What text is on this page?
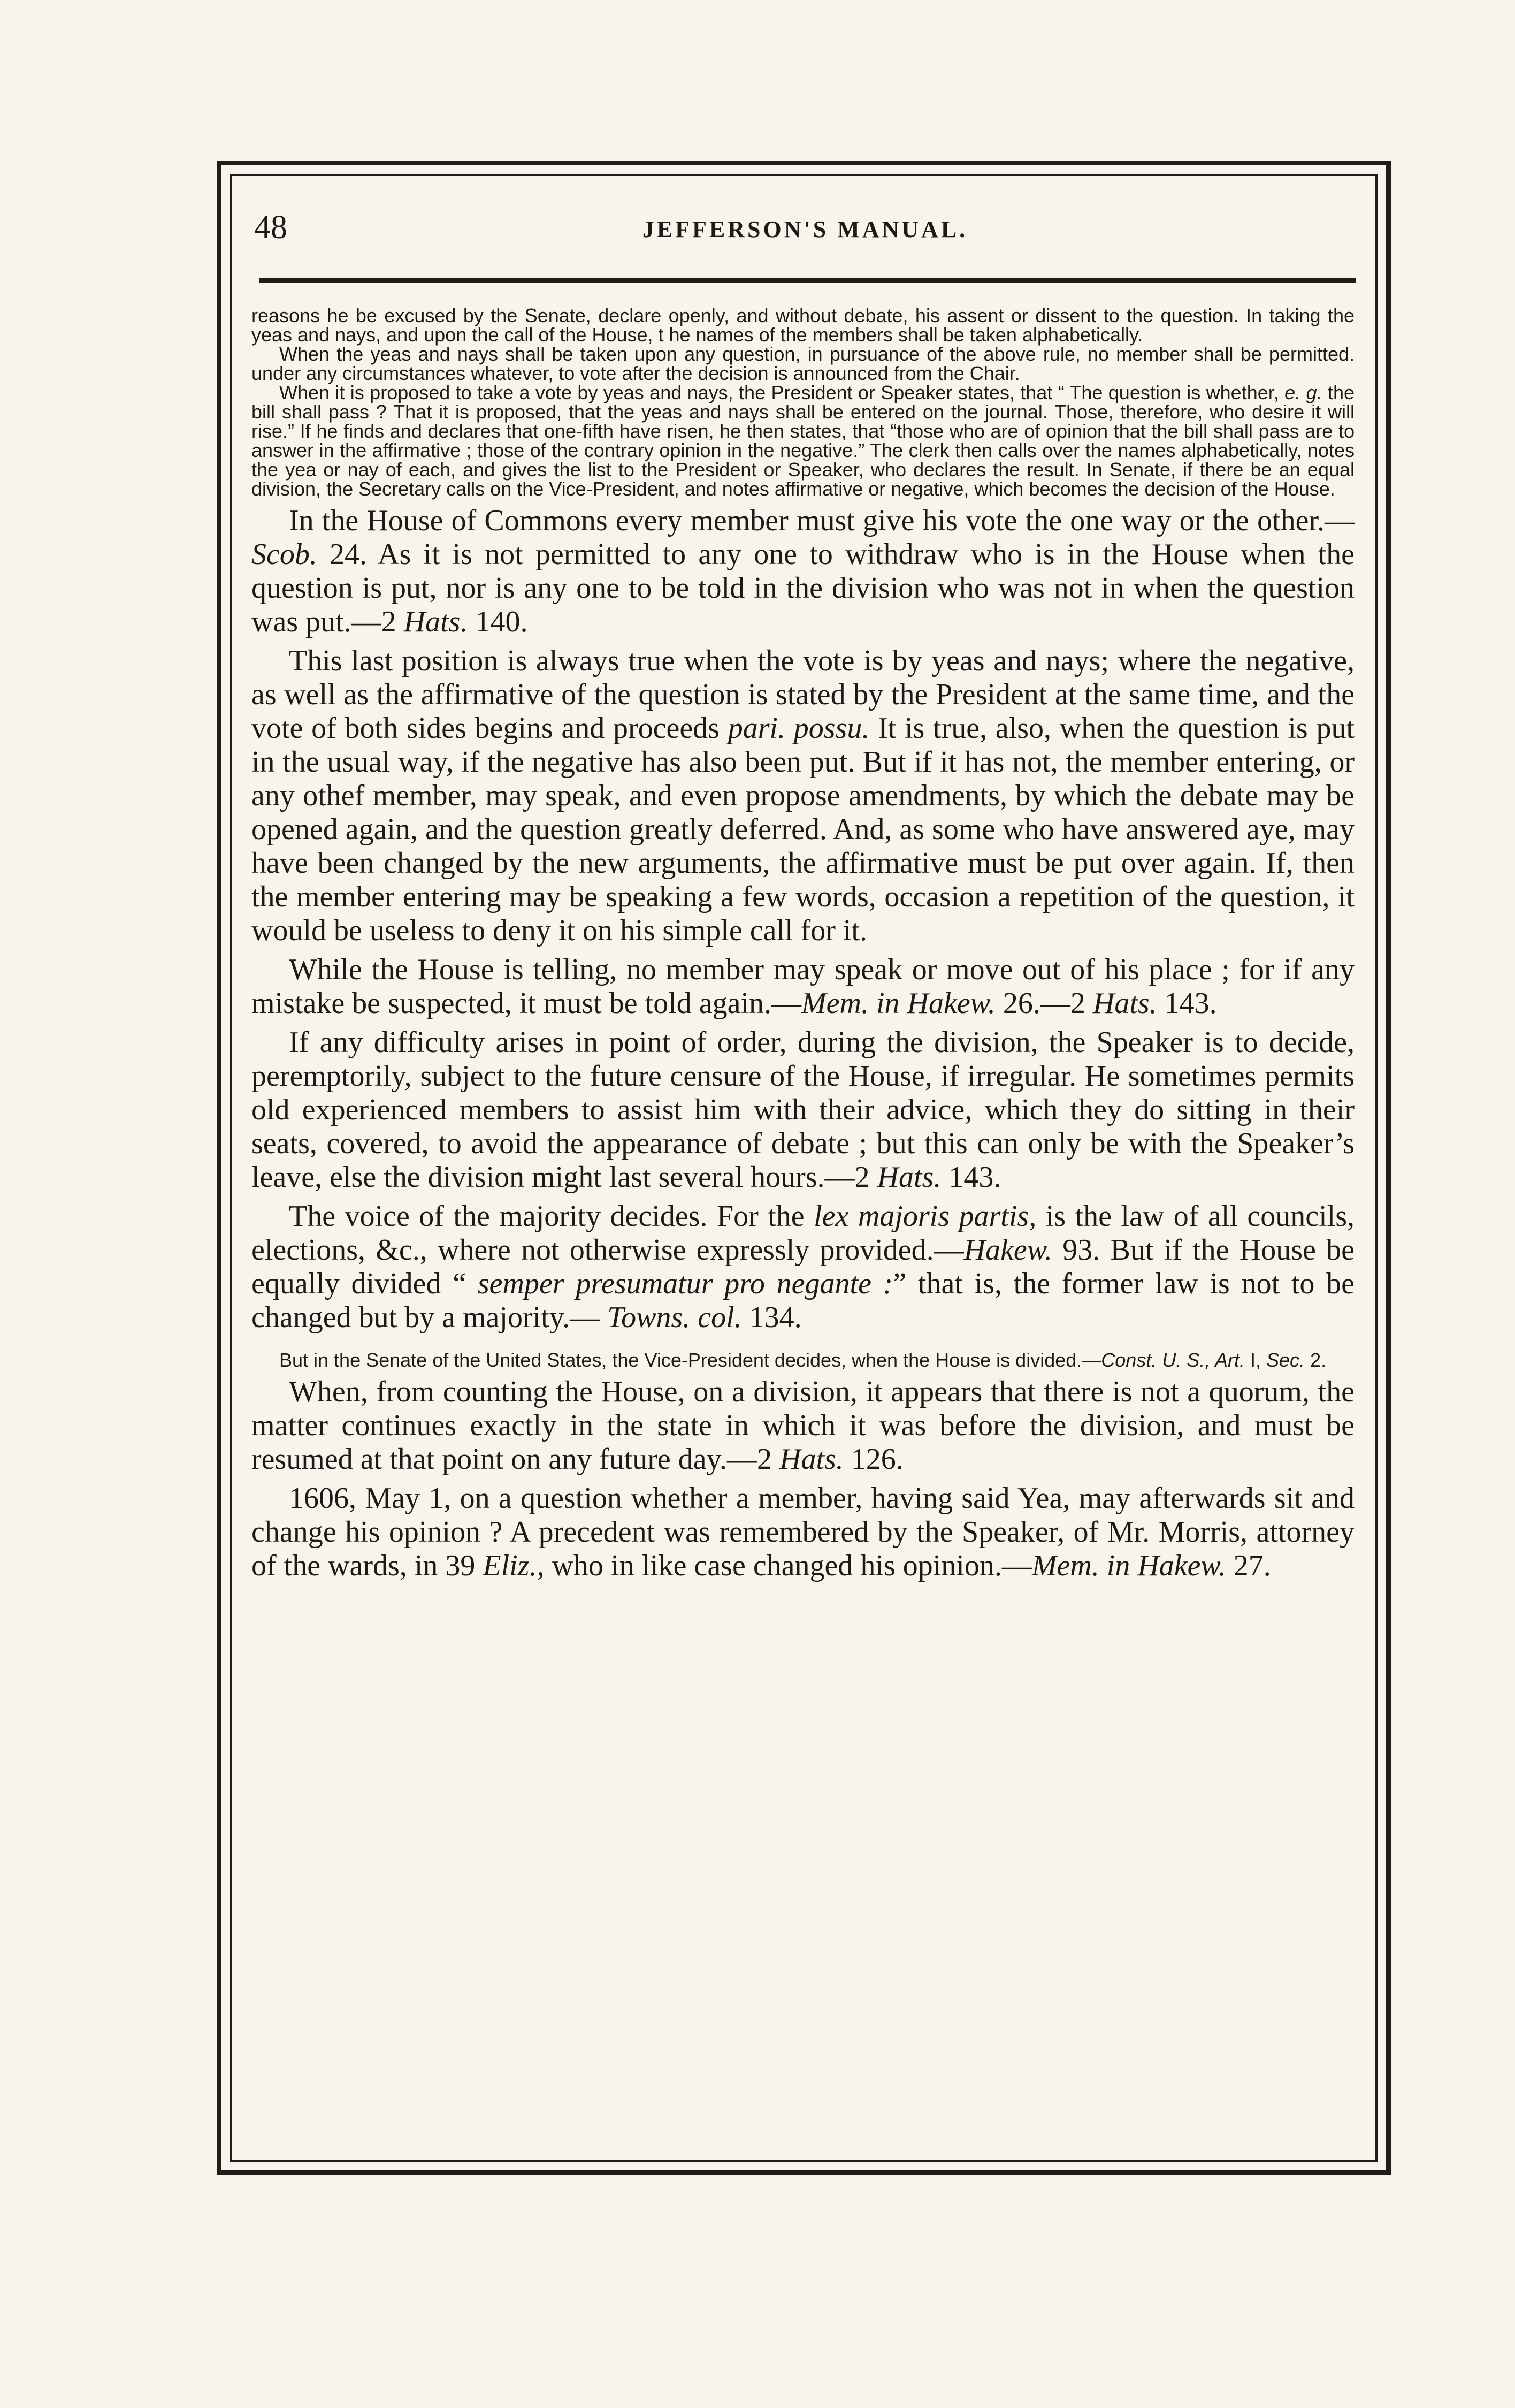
48	JEFFERSON'S MANUAL.

reasons he be excused by the Senate, declare openly, and without debate, his assent or dissent to the question. In taking the yeas and nays, and upon the call of the House, t he names of the members shall be taken alphabetically.

When the yeas and nays shall be taken upon any question, in pursuance of the above rule, no member shall be permitted. under any circumstances whatever, to vote after the decision is announced from the Chair.

When it is proposed to take a vote by yeas and nays, the President or Speaker states, that “ The question is whether, e. g. the bill shall pass ? That it is proposed, that the yeas and nays shall be entered on the journal. Those, therefore, who desire it will rise.” If he finds and declares that one-fifth have risen, he then states, that “those who are of opinion that the bill shall pass are to answer in the affirmative ; those of the contrary opinion in the negative.” The clerk then calls over the names alphabetically, notes the yea or nay of each, and gives the list to the President or Speaker, who declares the result. In Senate, if there be an equal division, the Secretary calls on the Vice-President, and notes affirmative or negative, which becomes the decision of the House.

In the House of Commons every member must give his vote the one way or the other.—Scob. 24. As it is not permitted to any one to withdraw who is in the House when the question is put, nor is any one to be told in the division who was not in when the question was put.—2 Hats. 140.

This last position is always true when the vote is by yeas and nays; where the negative, as well as the affirmative of the question is stated by the President at the same time, and the vote of both sides begins and proceeds pari. possu. It is true, also, when the question is put in the usual way, if the negative has also been put. But if it has not, the member entering, or any othef member, may speak, and even propose amendments, by which the debate may be opened again, and the question greatly deferred. And, as some who have answered aye, may have been changed by the new arguments, the affirmative must be put over again. If, then the member entering may be speaking a few words, occasion a repetition of the question, it would be useless to deny it on his simple call for it.

While the House is telling, no member may speak or move out of his place ; for if any mistake be suspected, it must be told again.—Mem. in Hakew. 26.—2 Hats. 143.

If any difficulty arises in point of order, during the division, the Speaker is to decide, peremptorily, subject to the future censure of the House, if irregular. He sometimes permits old experienced members to assist him with their advice, which they do sitting in their seats, covered, to avoid the appearance of debate ; but this can only be with the Speaker’s leave, else the division might last several hours.—2 Hats. 143.

The voice of the majority decides. For the lex majoris partis, is the law of all councils, elections, &c., where not otherwise expressly provided.—Hakew. 93. But if the House be equally divided “ semper presumatur pro negante :” that is, the former law is not to be changed but by a majority.— Towns. col. 134.

But in the Senate of the United States, the Vice-President decides, when the House is divided.—Const. U. S., Art. I, Sec. 2.

When, from counting the House, on a division, it appears that there is not a quorum, the matter continues exactly in the state in which it was before the division, and must be resumed at that point on any future day.—2 Hats. 126.

1606, May 1, on a question whether a member, having said Yea, may afterwards sit and change his opinion ? A precedent was remembered by the Speaker, of Mr. Morris, attorney of the wards, in 39 Eliz., who in like case changed his opinion.—Mem. in Hakew. 27.
